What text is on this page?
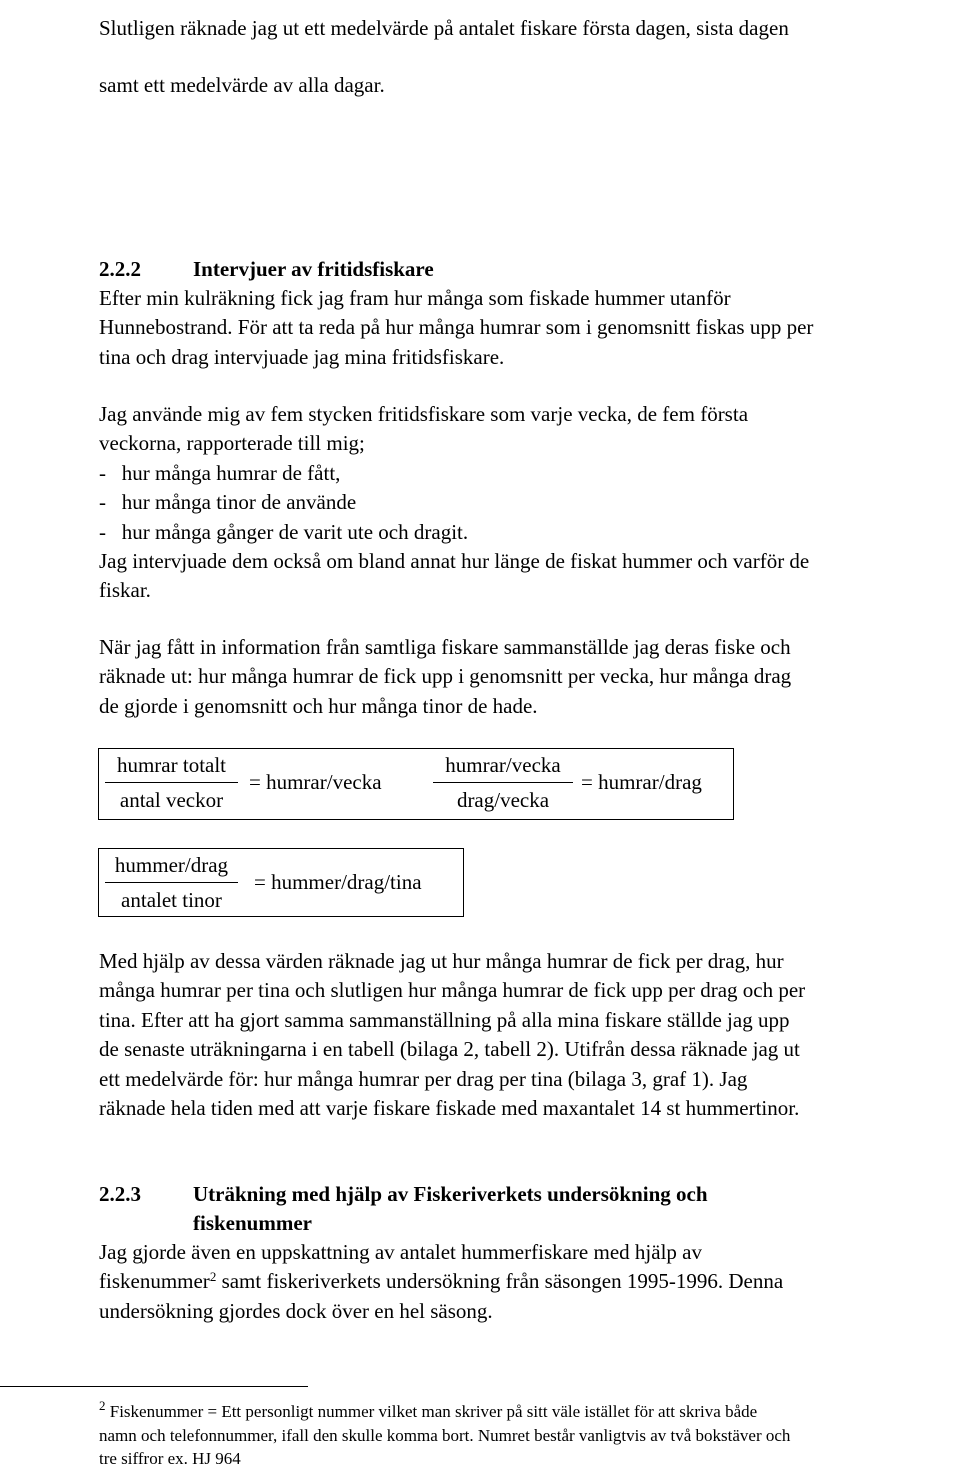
Slutligen räknade jag ut ett medelvärde på antalet fiskare första dagen, sista dagen
samt ett medelvärde av alla dagar.

2.2.2 Intervjuer av fritidsfiskare

Efter min kulräkning fick jag fram hur många som fiskade hummer utanför
Hunnebostrand. För att ta reda på hur många humrar som i genomsnitt fiskas upp per
tina och drag intervjuade jag mina fritidsfiskare.

Jag använde mig av fem stycken fritidsfiskare som varje vecka, de fem första
veckorna, rapporterade till mig;
-   hur många humrar de fått,
-   hur många tinor de använde
-   hur många gånger de varit ute och dragit.
Jag intervjuade dem också om bland annat hur länge de fiskat hummer och varför de
fiskar.

När jag fått in information från samtliga fiskare sammanställde jag deras fiske och
räknade ut: hur många humrar de fick upp i genomsnitt per vecka, hur många drag
de gjorde i genomsnitt och hur många tinor de hade.

humrar totalt
antal veckor
= humrar/vecka
humrar/vecka
drag/vecka
= humrar/drag
hummer/drag
antalet tinor
= hummer/drag/tina

Med hjälp av dessa värden räknade jag ut hur många humrar de fick per drag, hur
många humrar per tina och slutligen hur många humrar de fick upp per drag och per
tina. Efter att ha gjort samma sammanställning på alla mina fiskare ställde jag upp
de senaste uträkningarna i en tabell (bilaga 2, tabell 2). Utifrån dessa räknade jag ut
ett medelvärde för: hur många humrar per drag per tina (bilaga 3, graf 1). Jag
räknade hela tiden med att varje fiskare fiskade med maxantalet 14 st hummertinor.

2.2.3 Uträkning med hjälp av Fiskeriverkets undersökning och
fiskenummer

Jag gjorde även en uppskattning av antalet hummerfiskare med hjälp av
fiskenummer$^2$ samt fiskeriverkets undersökning från säsongen 1995-1996. Denna
undersökning gjordes dock över en hel säsong.

$^2$ Fiskenummer = Ett personligt nummer vilket man skriver på sitt väle istället för att skriva både
namn och telefonnummer, ifall den skulle komma bort. Numret består vanligtvis av två bokstäver och
tre siffror ex. HJ 964
